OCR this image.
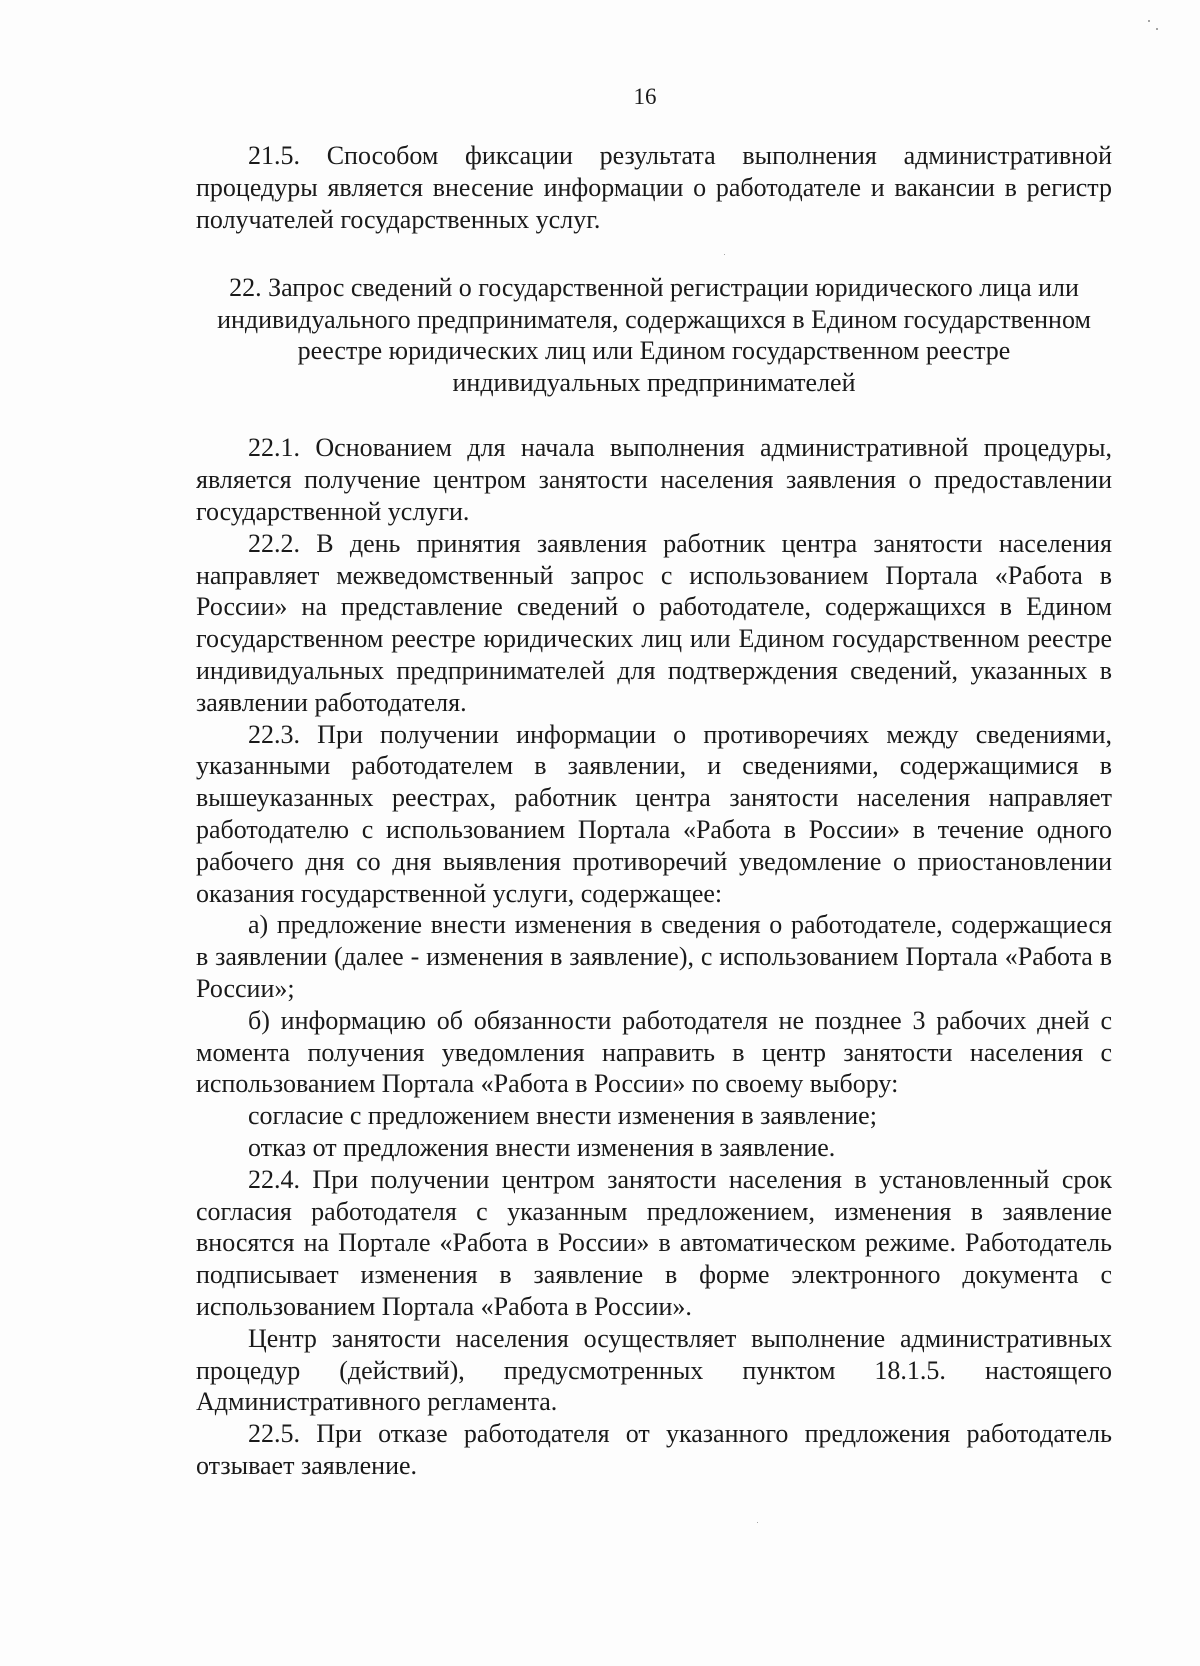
16

21.5. Способом фиксации результата выполнения административной процедуры является внесение информации о работодателе и вакансии в регистр получателей государственных услуг.

22. Запрос сведений о государственной регистрации юридического лица или индивидуального предпринимателя, содержащихся в Едином государственном реестре юридических лиц или Едином государственном реестре индивидуальных предпринимателей

22.1. Основанием для начала выполнения административной процедуры, является получение центром занятости населения заявления о предоставлении государственной услуги.

22.2. В день принятия заявления работник центра занятости населения направляет межведомственный запрос с использованием Портала «Работа в России» на представление сведений о работодателе, содержащихся в Едином государственном реестре юридических лиц или Едином государственном реестре индивидуальных предпринимателей для подтверждения сведений, указанных в заявлении работодателя.

22.3. При получении информации о противоречиях между сведениями, указанными работодателем в заявлении, и сведениями, содержащимися в вышеуказанных реестрах, работник центра занятости населения направляет работодателю с использованием Портала «Работа в России» в течение одного рабочего дня со дня выявления противоречий уведомление о приостановлении оказания государственной услуги, содержащее:

а) предложение внести изменения в сведения о работодателе, содержащиеся в заявлении (далее - изменения в заявление), с использованием Портала «Работа в России»;

б) информацию об обязанности работодателя не позднее 3 рабочих дней с момента получения уведомления направить в центр занятости населения с использованием Портала «Работа в России» по своему выбору:

согласие с предложением внести изменения в заявление;

отказ от предложения внести изменения в заявление.

22.4. При получении центром занятости населения в установленный срок согласия работодателя с указанным предложением, изменения в заявление вносятся на Портале «Работа в России» в автоматическом режиме. Работодатель подписывает изменения в заявление в форме электронного документа с использованием Портала «Работа в России».

Центр занятости населения осуществляет выполнение административных процедур (действий), предусмотренных пунктом 18.1.5. настоящего Административного регламента.

22.5. При отказе работодателя от указанного предложения работодатель отзывает заявление.
